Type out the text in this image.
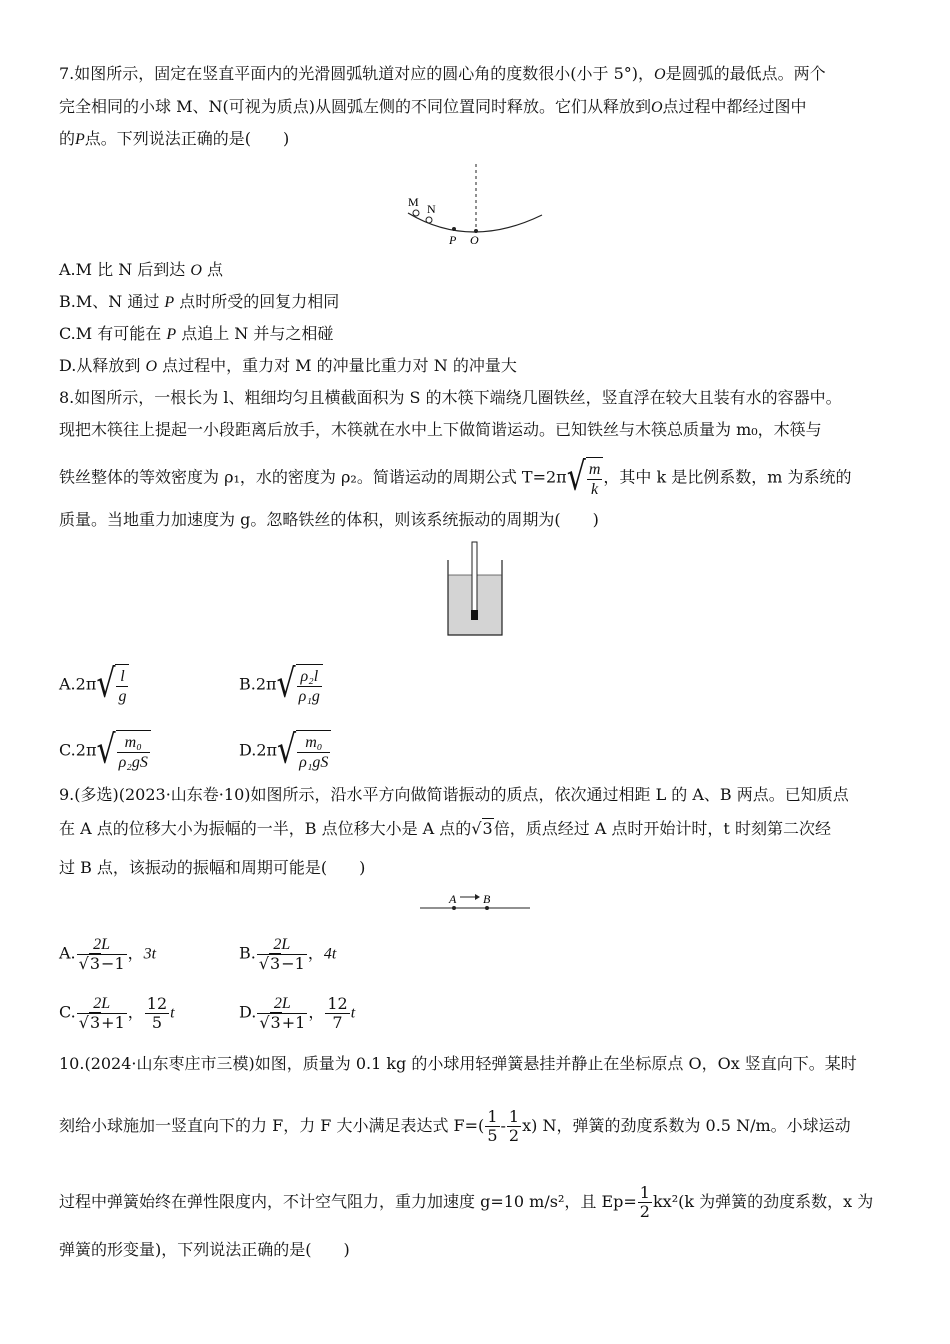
7.如图所示，固定在竖直平面内的光滑圆弧轨道对应的圆心角的度数很小(小于 5°)，O是圆弧的最低点。两个
完全相同的小球 M、N(可视为质点)从圆弧左侧的不同位置同时释放。它们从释放到O点过程中都经过图中
的P点。下列说法正确的是(　　)
M N
P O
A.M 比 N 后到达 O 点
B.M、N 通过 P 点时所受的回复力相同
C.M 有可能在 P 点追上 N 并与之相碰
D.从释放到 O 点过程中，重力对 M 的冲量比重力对 N 的冲量大
8.如图所示，一根长为 l、粗细均匀且横截面积为 S 的木筷下端绕几圈铁丝，竖直浮在较大且装有水的容器中。
现把木筷往上提起一小段距离后放手，木筷就在水中上下做简谐运动。已知铁丝与木筷总质量为 m₀，木筷与
铁丝整体的等效密度为 ρ₁，水的密度为 ρ₂。简谐运动的周期公式 $T=2\pi√ \frac{m}{k}$ ，其中 k 是比例系数，m 为系统的
质量。当地重力加速度为 g。忽略铁丝的体积，则该系统振动的周期为(　　)
$A.2\pi√ \frac{l}{g}$	$B.2\pi√ \frac{\text{ρ₂l}}{\text{ρ₁g}}$
$C.2\pi√ \frac{\text{m₀}}{\text{ρ₂gS}}$	$D.2\pi√ \frac{\text{m₀}}{\text{ρ₁gS}}$
9.(多选)(2023·山东卷·10)如图所示，沿水平方向做简谐振动的质点，依次通过相距 L 的 A、B 两点。已知质点
在 A 点的位移大小为振幅的一半，B 点位移大小是 A 点的√3倍，质点经过 A 点时开始计时，t 时刻第二次经
过 B 点，该振动的振幅和周期可能是(　　)
A B
A. $\frac{2L}{√3-1}$ ，3t	B. $\frac{2L}{√3-1}$ ，4t
C. $\frac{2L}{√3+1}$ ， $\frac{12}{5}$ t	D. $\frac{2L}{√3+1}$ ， $\frac{12}{7}$ t
10.(2024·山东枣庄市三模)如图，质量为 0.1 kg 的小球用轻弹簧悬挂并静止在坐标原点 O，Ox 竖直向下。某时
刻给小球施加一竖直向下的力 F，力 F 大小满足表达式 $F=( \frac{1}{5} - \frac{1}{2} x)$ N，弹簧的劲度系数为 0.5 N/m。小球运动
过程中弹簧始终在弹性限度内，不计空气阻力，重力加速度 g=10 m/s²，且 $Ep= \frac{1}{2} kx^2(k$ 为弹簧的劲度系数，x 为
弹簧的形变量)，下列说法正确的是(　　)
